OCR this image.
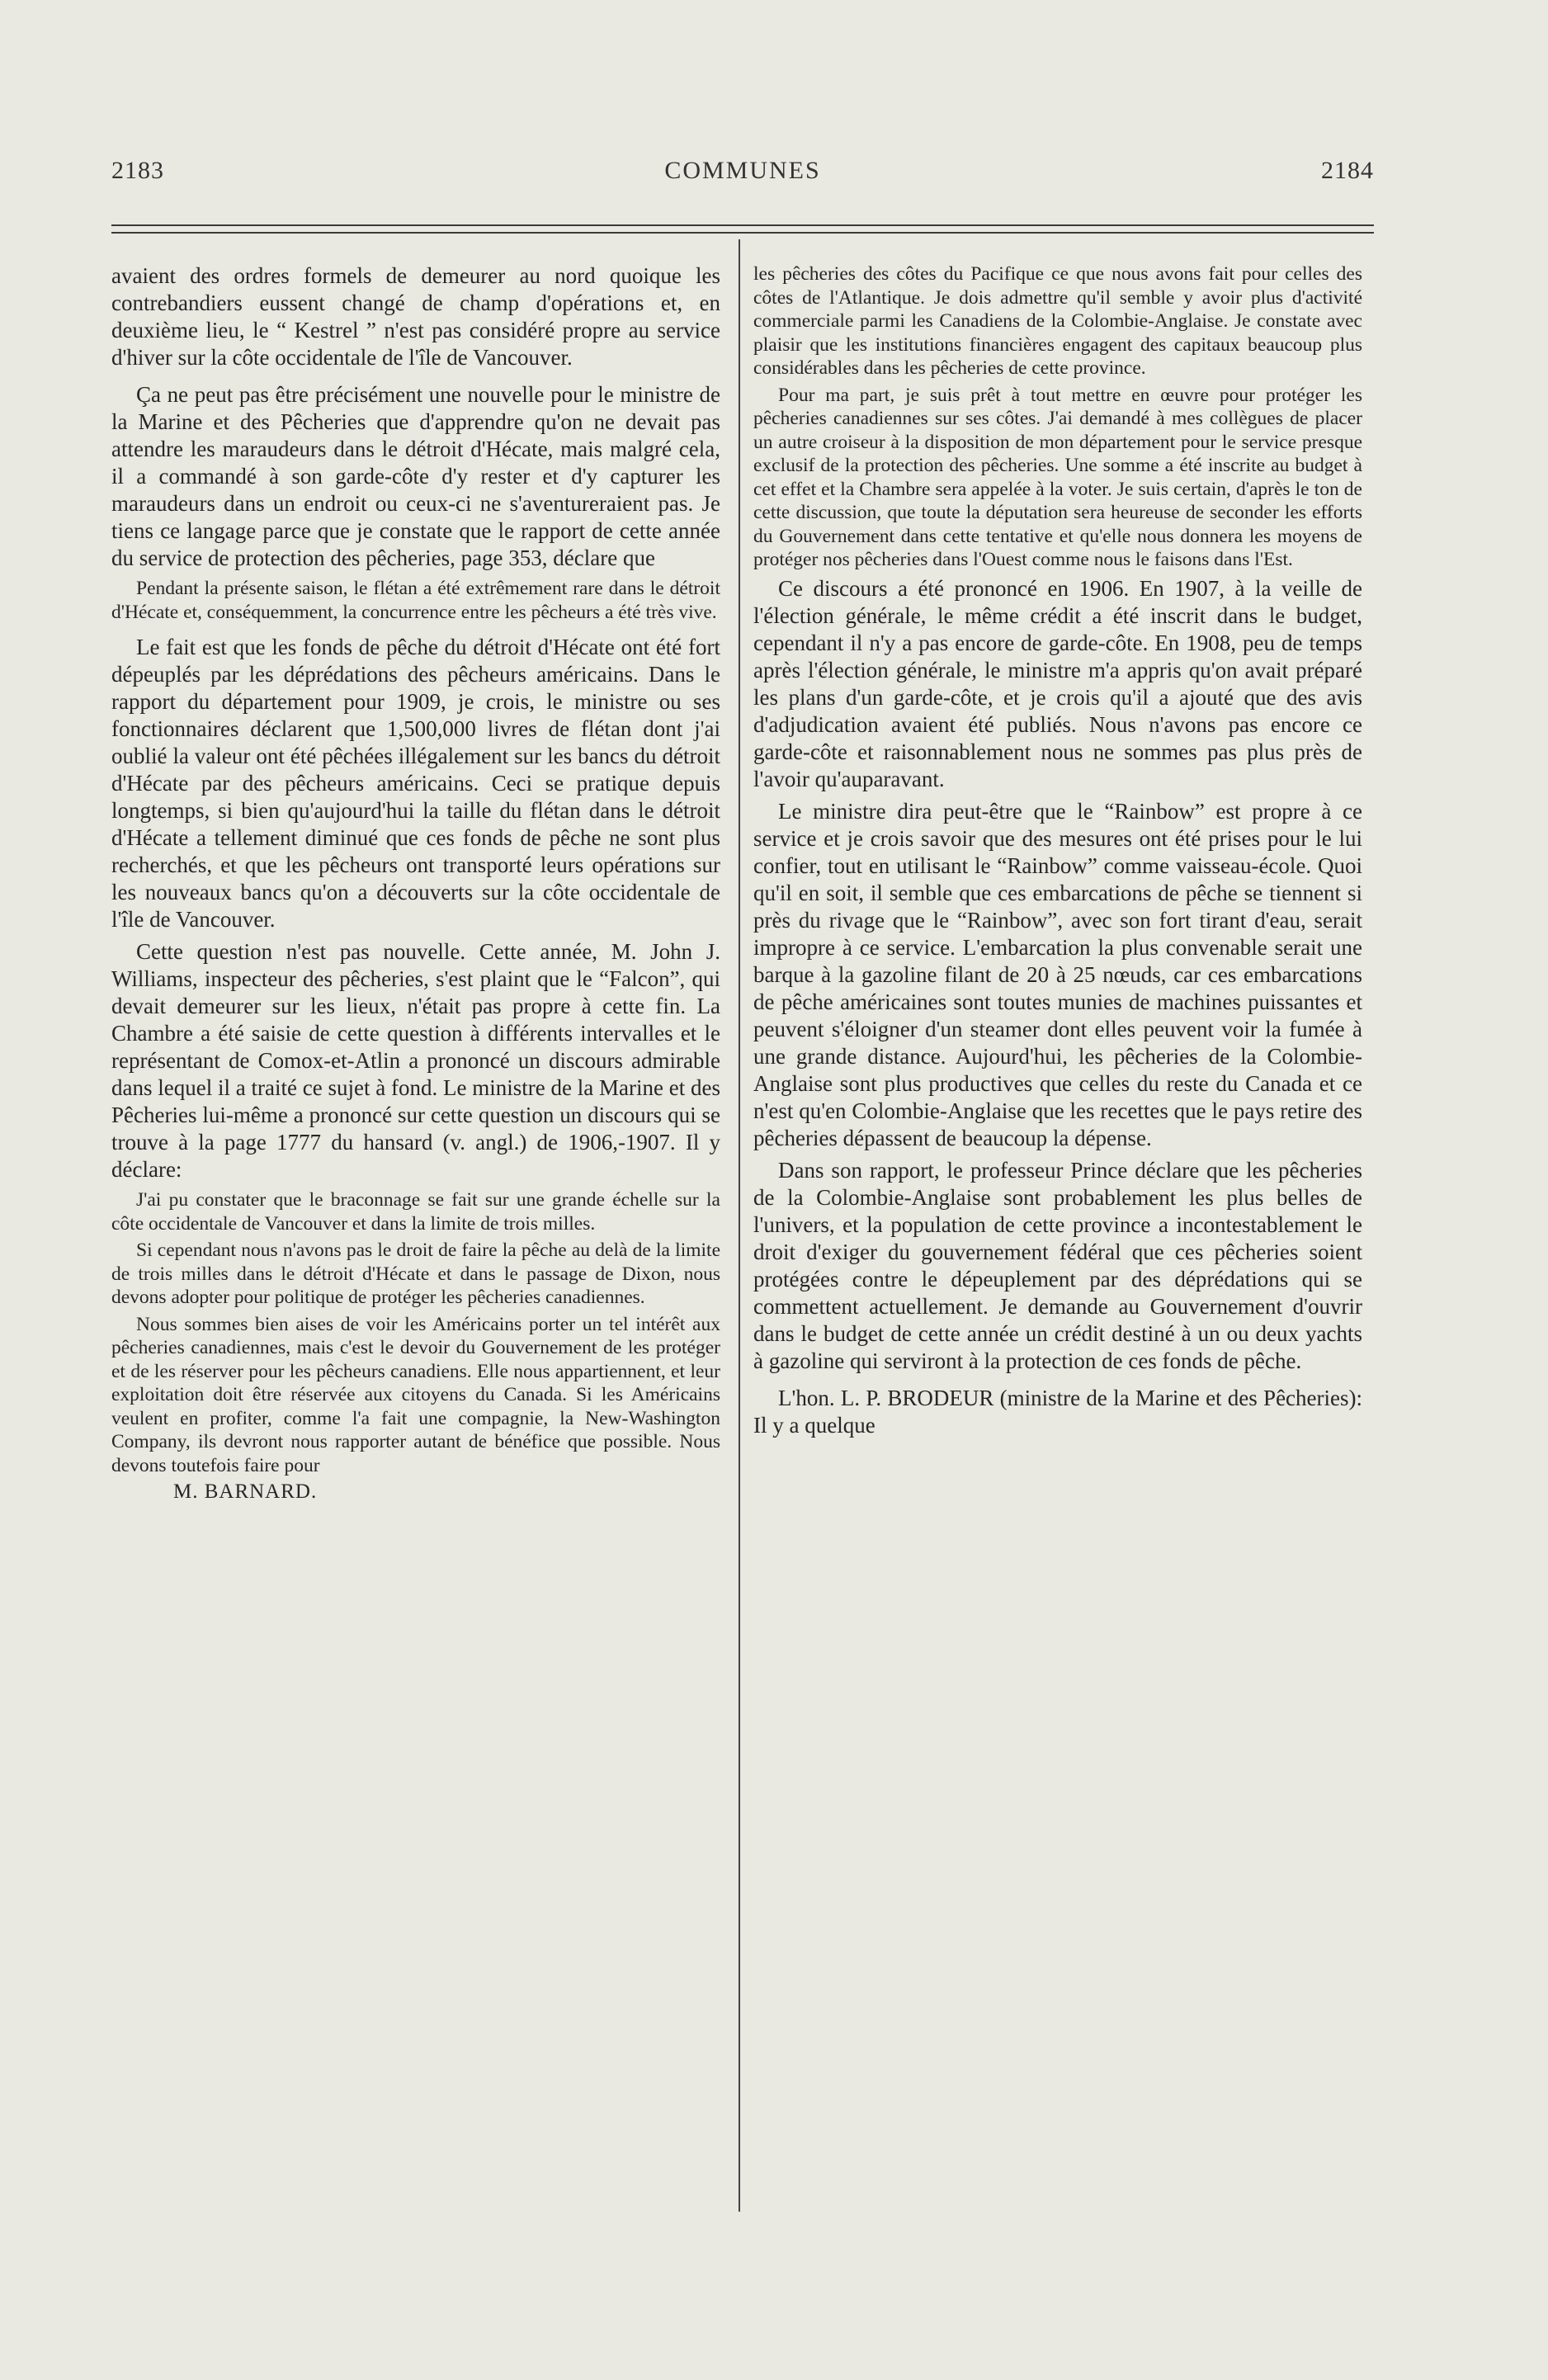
2183	COMMUNES	2184

avaient des ordres formels de demeurer au nord quoique les contrebandiers eussent changé de champ d'opérations et, en deuxième lieu, le “ Kestrel ” n'est pas considéré propre au service d'hiver sur la côte occidentale de l'île de Vancouver.

Ça ne peut pas être précisément une nouvelle pour le ministre de la Marine et des Pêcheries que d'apprendre qu'on ne devait pas attendre les maraudeurs dans le détroit d'Hécate, mais malgré cela, il a commandé à son garde-côte d'y rester et d'y capturer les maraudeurs dans un endroit ou ceux-ci ne s'aventureraient pas. Je tiens ce langage parce que je constate que le rapport de cette année du service de protection des pêcheries, page 353, déclare que

Pendant la présente saison, le flétan a été extrêmement rare dans le détroit d'Hécate et, conséquemment, la concurrence entre les pêcheurs a été très vive.

Le fait est que les fonds de pêche du détroit d'Hécate ont été fort dépeuplés par les déprédations des pêcheurs américains. Dans le rapport du département pour 1909, je crois, le ministre ou ses fonctionnaires déclarent que 1,500,000 livres de flétan dont j'ai oublié la valeur ont été pêchées illégalement sur les bancs du détroit d'Hécate par des pêcheurs américains. Ceci se pratique depuis longtemps, si bien qu'aujourd'hui la taille du flétan dans le détroit d'Hécate a tellement diminué que ces fonds de pêche ne sont plus recherchés, et que les pêcheurs ont transporté leurs opérations sur les nouveaux bancs qu'on a découverts sur la côte occidentale de l'île de Vancouver.

Cette question n'est pas nouvelle. Cette année, M. John J. Williams, inspecteur des pêcheries, s'est plaint que le “Falcon”, qui devait demeurer sur les lieux, n'était pas propre à cette fin. La Chambre a été saisie de cette question à différents intervalles et le représentant de Comox-et-Atlin a prononcé un discours admirable dans lequel il a traité ce sujet à fond. Le ministre de la Marine et des Pêcheries lui-même a prononcé sur cette question un discours qui se trouve à la page 1777 du hansard (v. angl.) de 1906,-1907. Il y déclare:

J'ai pu constater que le braconnage se fait sur une grande échelle sur la côte occidentale de Vancouver et dans la limite de trois milles.

Si cependant nous n'avons pas le droit de faire la pêche au delà de la limite de trois milles dans le détroit d'Hécate et dans le passage de Dixon, nous devons adopter pour politique de protéger les pêcheries canadiennes.

Nous sommes bien aises de voir les Américains porter un tel intérêt aux pêcheries canadiennes, mais c'est le devoir du Gouvernement de les protéger et de les réserver pour les pêcheurs canadiens. Elle nous appartiennent, et leur exploitation doit être réservée aux citoyens du Canada. Si les Américains veulent en profiter, comme l'a fait une compagnie, la New-Washington Company, ils devront nous rapporter autant de bénéfice que possible. Nous devons toutefois faire pour

M. BARNARD.

les pêcheries des côtes du Pacifique ce que nous avons fait pour celles des côtes de l'Atlantique. Je dois admettre qu'il semble y avoir plus d'activité commerciale parmi les Canadiens de la Colombie-Anglaise. Je constate avec plaisir que les institutions financières engagent des capitaux beaucoup plus considérables dans les pêcheries de cette province.

Pour ma part, je suis prêt à tout mettre en œuvre pour protéger les pêcheries canadiennes sur ses côtes. J'ai demandé à mes collègues de placer un autre croiseur à la disposition de mon département pour le service presque exclusif de la protection des pêcheries. Une somme a été inscrite au budget à cet effet et la Chambre sera appelée à la voter. Je suis certain, d'après le ton de cette discussion, que toute la députation sera heureuse de seconder les efforts du Gouvernement dans cette tentative et qu'elle nous donnera les moyens de protéger nos pêcheries dans l'Ouest comme nous le faisons dans l'Est.

Ce discours a été prononcé en 1906. En 1907, à la veille de l'élection générale, le même crédit a été inscrit dans le budget, cependant il n'y a pas encore de garde-côte. En 1908, peu de temps après l'élection générale, le ministre m'a appris qu'on avait préparé les plans d'un garde-côte, et je crois qu'il a ajouté que des avis d'adjudication avaient été publiés. Nous n'avons pas encore ce garde-côte et raisonnablement nous ne sommes pas plus près de l'avoir qu'auparavant.

Le ministre dira peut-être que le “Rainbow” est propre à ce service et je crois savoir que des mesures ont été prises pour le lui confier, tout en utilisant le “Rainbow” comme vaisseau-école. Quoi qu'il en soit, il semble que ces embarcations de pêche se tiennent si près du rivage que le “Rainbow”, avec son fort tirant d'eau, serait impropre à ce service. L'embarcation la plus convenable serait une barque à la gazoline filant de 20 à 25 nœuds, car ces embarcations de pêche américaines sont toutes munies de machines puissantes et peuvent s'éloigner d'un steamer dont elles peuvent voir la fumée à une grande distance. Aujourd'hui, les pêcheries de la Colombie-Anglaise sont plus productives que celles du reste du Canada et ce n'est qu'en Colombie-Anglaise que les recettes que le pays retire des pêcheries dépassent de beaucoup la dépense.

Dans son rapport, le professeur Prince déclare que les pêcheries de la Colombie-Anglaise sont probablement les plus belles de l'univers, et la population de cette province a incontestablement le droit d'exiger du gouvernement fédéral que ces pêcheries soient protégées contre le dépeuplement par des déprédations qui se commettent actuellement. Je demande au Gouvernement d'ouvrir dans le budget de cette année un crédit destiné à un ou deux yachts à gazoline qui serviront à la protection de ces fonds de pêche.

L'hon. L. P. BRODEUR (ministre de la Marine et des Pêcheries): Il y a quelque
